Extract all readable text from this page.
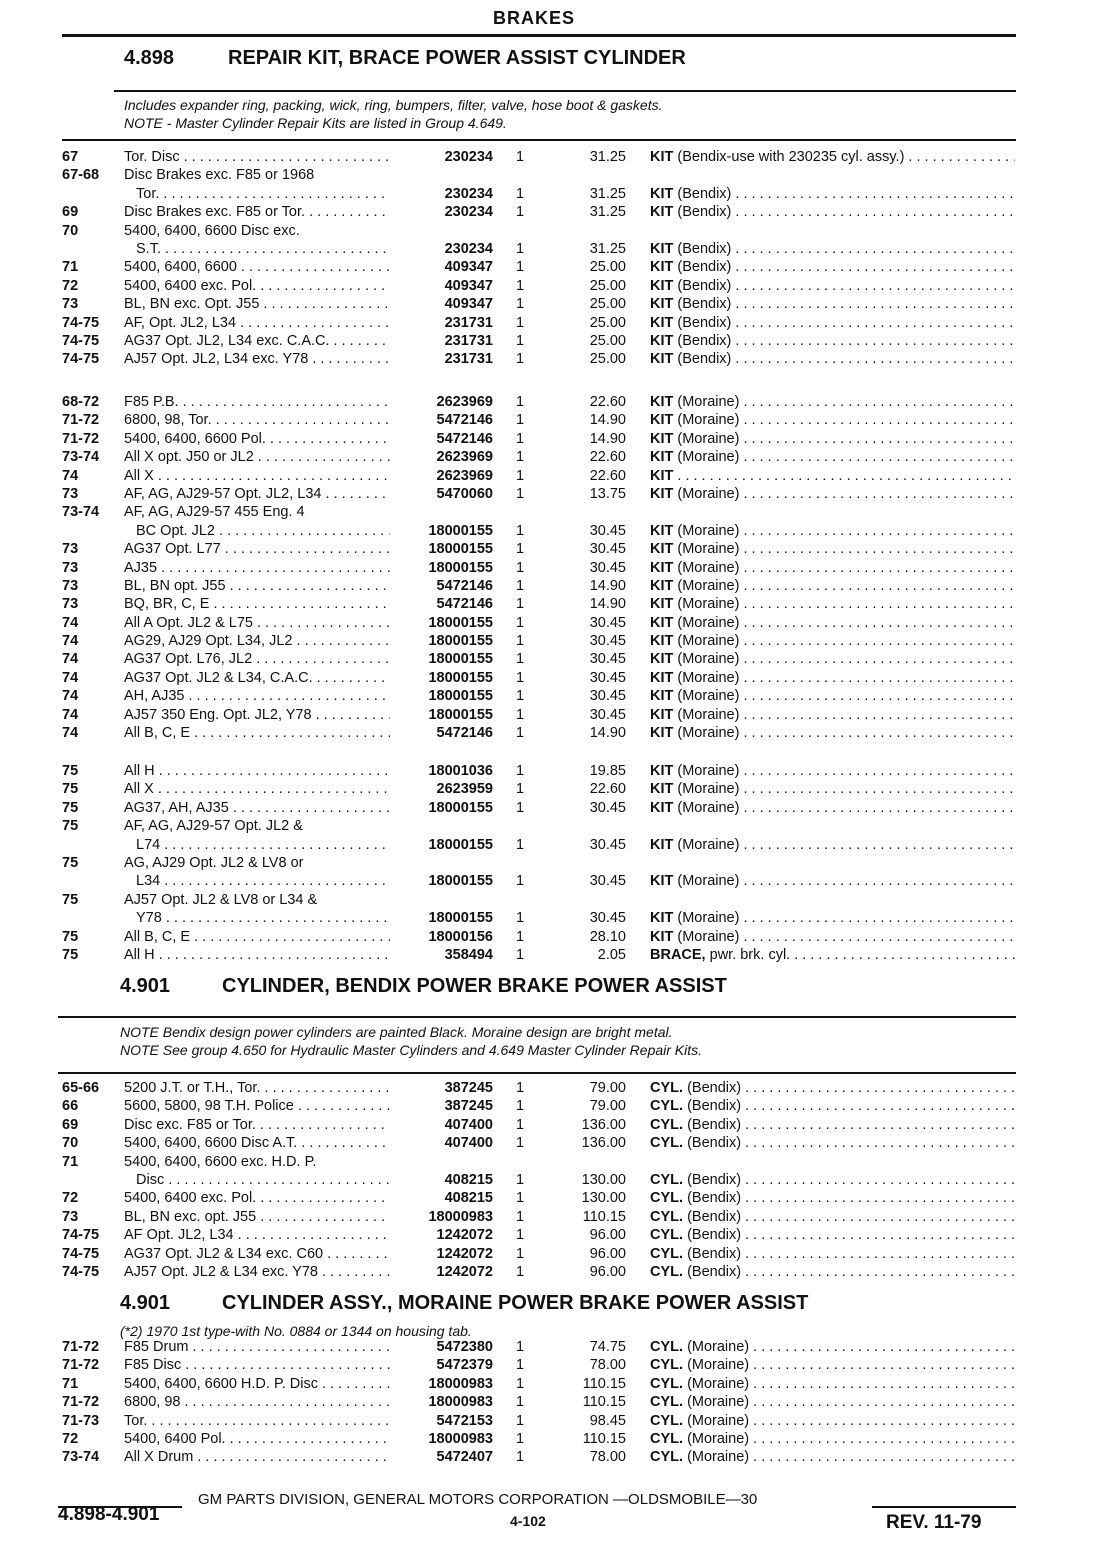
BRAKES
4.898	REPAIR KIT, BRACE POWER ASSIST CYLINDER
Includes expander ring, packing, wick, ring, bumpers, filter, valve, hose boot & gaskets.
NOTE - Master Cylinder Repair Kits are listed in Group 4.649.
67	Tor. Disc . . .	230234	1	31.25 KIT (Bendix-use with 230235 cyl. assy.) . . .
67-68 Disc Brakes exc. F85 or 1968
Tor. . . .	230234	1	31.25 KIT (Bendix) . . .
69	Disc Brakes exc. F85 or Tor. . . .	230234	1	31.25 KIT (Bendix) . . .
70	5400, 6400, 6600 Disc exc.
S.T. . . .	230234	1	31.25 KIT (Bendix) . . .
71	5400, 6400, 6600 . . .	409347	1	25.00 KIT (Bendix) . . .
72	5400, 6400 exc. Pol. . . .	409347	1	25.00 KIT (Bendix) . . .
73	BL, BN exc. Opt. J55 . . .	409347	1	25.00 KIT (Bendix) . . .
74-75 AF, Opt. JL2, L34 . . .	231731	1	25.00 KIT (Bendix) . . .
74-75 AG37 Opt. JL2, L34 exc. C.A.C. . . .	231731	1	25.00 KIT (Bendix) . . .
74-75 AJ57 Opt. JL2, L34 exc. Y78 . . .	231731	1	25.00 KIT (Bendix) . . .
68-72 F85 P.B. . . .	2623969	1	22.60 KIT (Moraine) . . .
71-72 6800, 98, Tor. . . .	5472146	1	14.90 KIT (Moraine) . . .
71-72 5400, 6400, 6600 Pol. . . .	5472146	1	14.90 KIT (Moraine) . . .
73-74 All X opt. J50 or JL2 . . .	2623969	1	22.60 KIT (Moraine) . . .
74	All X . . .	2623969	1	22.60 KIT . . .
73	AF, AG, AJ29-57 Opt. JL2, L34 . . .	5470060	1	13.75 KIT (Moraine) . . .
73-74 AF, AG, AJ29-57 455 Eng. 4
BC Opt. JL2 . . .	18000155	1	30.45 KIT (Moraine) . . .
73	AG37 Opt. L77 . . .	18000155	1	30.45 KIT (Moraine) . . .
73	AJ35 . . .	18000155	1	30.45 KIT (Moraine) . . .
73	BL, BN opt. J55 . . .	5472146	1	14.90 KIT (Moraine) . . .
73	BQ, BR, C, E . . .	5472146	1	14.90 KIT (Moraine) . . .
74	All A Opt. JL2 & L75 . . .	18000155	1	30.45 KIT (Moraine) . . .
74	AG29, AJ29 Opt. L34, JL2 . . .	18000155	1	30.45 KIT (Moraine) . . .
74	AG37 Opt. L76, JL2 . . .	18000155	1	30.45 KIT (Moraine) . . .
74	AG37 Opt. JL2 & L34, C.A.C. . . .	18000155	1	30.45 KIT (Moraine) . . .
74	AH, AJ35 . . .	18000155	1	30.45 KIT (Moraine) . . .
74	AJ57 350 Eng. Opt. JL2, Y78 . . .	18000155	1	30.45 KIT (Moraine) . . .
74	All B, C, E . . .	5472146	1	14.90 KIT (Moraine) . . .
75	All H . . .	18001036	1	19.85 KIT (Moraine) . . .
75	All X . . .	2623959	1	22.60 KIT (Moraine) . . .
75	AG37, AH, AJ35 . . .	18000155	1	30.45 KIT (Moraine) . . .
75	AF, AG, AJ29-57 Opt. JL2 &
L74 . . .	18000155	1	30.45 KIT (Moraine) . . .
75	AG, AJ29 Opt. JL2 & LV8 or
L34 . . .	18000155	1	30.45 KIT (Moraine) . . .
75	AJ57 Opt. JL2 & LV8 or L34 &
Y78 . . .	18000155	1	30.45 KIT (Moraine) . . .
75	All B, C, E . . .	18000156	1	28.10 KIT (Moraine) . . .
75	All H . . .	358494	1	2.05 BRACE, pwr. brk. cyl. . . .
4.901	CYLINDER, BENDIX POWER BRAKE POWER ASSIST
NOTE Bendix design power cylinders are painted Black. Moraine design are bright metal.
NOTE See group 4.650 for Hydraulic Master Cylinders and 4.649 Master Cylinder Repair Kits.
65-66 5200 J.T. or T.H., Tor. . . .	387245	1	79.00 CYL. (Bendix) . . .
66	5600, 5800, 98 T.H. Police . . .	387245	1	79.00 CYL. (Bendix) . . .
69	Disc exc. F85 or Tor. . . .	407400	1	136.00 CYL. (Bendix) . . .
70	5400, 6400, 6600 Disc A.T. . . .	407400	1	136.00 CYL. (Bendix) . . .
71	5400, 6400, 6600 exc. H.D. P.
Disc . . .	408215	1	130.00 CYL. (Bendix) . . .
72	5400, 6400 exc. Pol. . . .	408215	1	130.00 CYL. (Bendix) . . .
73	BL, BN exc. opt. J55 . . .	18000983	1	110.15 CYL. (Bendix) . . .
74-75 AF Opt. JL2, L34 . . .	1242072	1	96.00 CYL. (Bendix) . . .
74-75 AG37 Opt. JL2 & L34 exc. C60 . . .	1242072	1	96.00 CYL. (Bendix) . . .
74-75 AJ57 Opt. JL2 & L34 exc. Y78 . . .	1242072	1	96.00 CYL. (Bendix) . . .
4.901	CYLINDER ASSY., MORAINE POWER BRAKE POWER ASSIST
(*2) 1970 1st type-with No. 0884 or 1344 on housing tab.
71-72 F85 Drum . . .	5472380	1	74.75 CYL. (Moraine) . . .
71-72 F85 Disc . . .	5472379	1	78.00 CYL. (Moraine) . . .
71	5400, 6400, 6600 H.D. P. Disc . . .	18000983	1	110.15 CYL. (Moraine) . . .
71-72 6800, 98 . . .	18000983	1	110.15 CYL. (Moraine) . . .
71-73 Tor. . . .	5472153	1	98.45 CYL. (Moraine) . . .
72	5400, 6400 Pol. . . .	18000983	1	110.15 CYL. (Moraine) . . .
73-74 All X Drum . . .	5472407	1	78.00 CYL. (Moraine) . . .
4.898-4.901
GM PARTS DIVISION, GENERAL MOTORS CORPORATION —OLDSMOBILE—30
4-102	REV. 11-79
